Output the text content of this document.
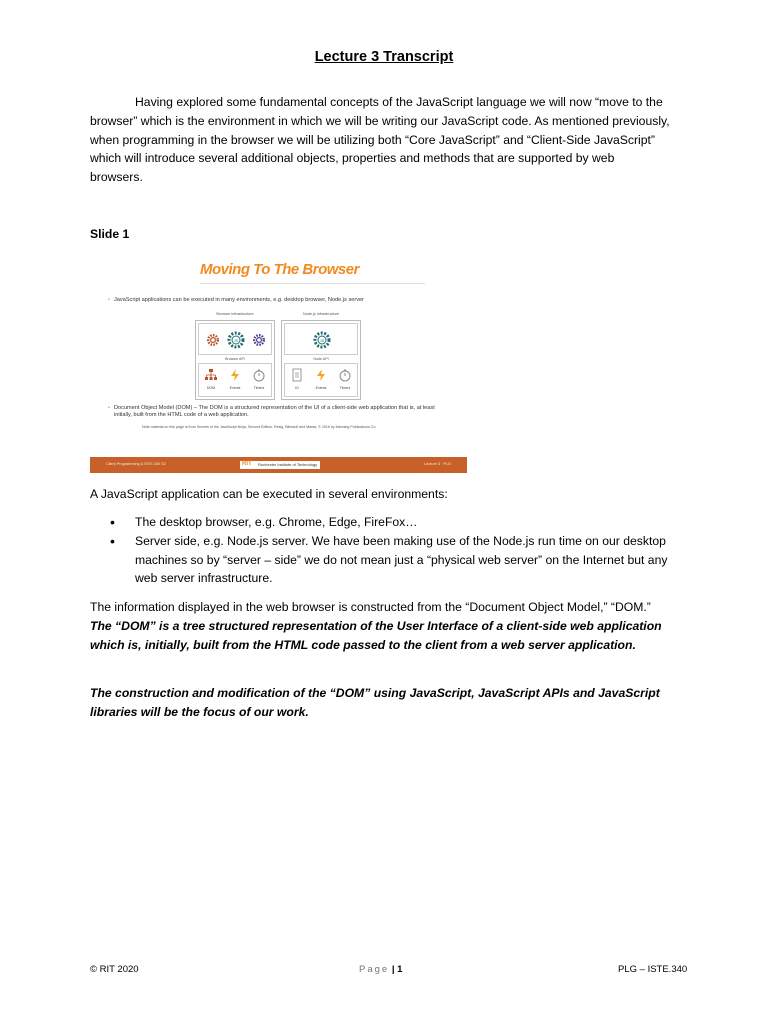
Lecture 3 Transcript
Having explored some fundamental concepts of the JavaScript language we will now “move to the browser” which is the environment in which we will be writing our JavaScript code. As mentioned previously, when programming in the browser we will be utilizing both “Core JavaScript” and “Client-Side JavaScript” which will introduce several additional objects, properties and methods that are supported by web browsers.
Slide 1
Moving To The Browser
• JavaScript applications can be executed in many environments, e.g. desktop browser, Node.js server
Browser infrastructure
JS
Browser API
DOM	Events	Timers
Node.js infrastructure
JS
Node API
IO	Events	Timers
• Document Object Model (DOM) – The DOM is a structured representation of the UI of a client-side web application that is, at least initially, built from the HTML code of a web application.
Note material on this page is from Secrets of the JavaScript Ninja, Second Edition; Resig, Bibeault and Maras; © 2016 by Manning Publications Co.
Client Programming & ISTE.340 S2	RIT Rochester Institute of Technology	Lecture 3 · PLG
A JavaScript application can be executed in several environments:
• The desktop browser, e.g. Chrome, Edge, FireFox…
• Server side, e.g. Node.js server. We have been making use of the Node.js run time on our desktop machines so by “server – side” we do not mean just a “physical web server” on the Internet but any web server infrastructure.
The information displayed in the web browser is constructed from the “Document Object Model,” “DOM.” The “DOM” is a tree structured representation of the User Interface of a client-side web application which is, initially, built from the HTML code passed to the client from a web server application.
The construction and modification of the “DOM” using JavaScript, JavaScript APIs and JavaScript libraries will be the focus of our work.
© RIT 2020	Page | 1	PLG – ISTE.340
